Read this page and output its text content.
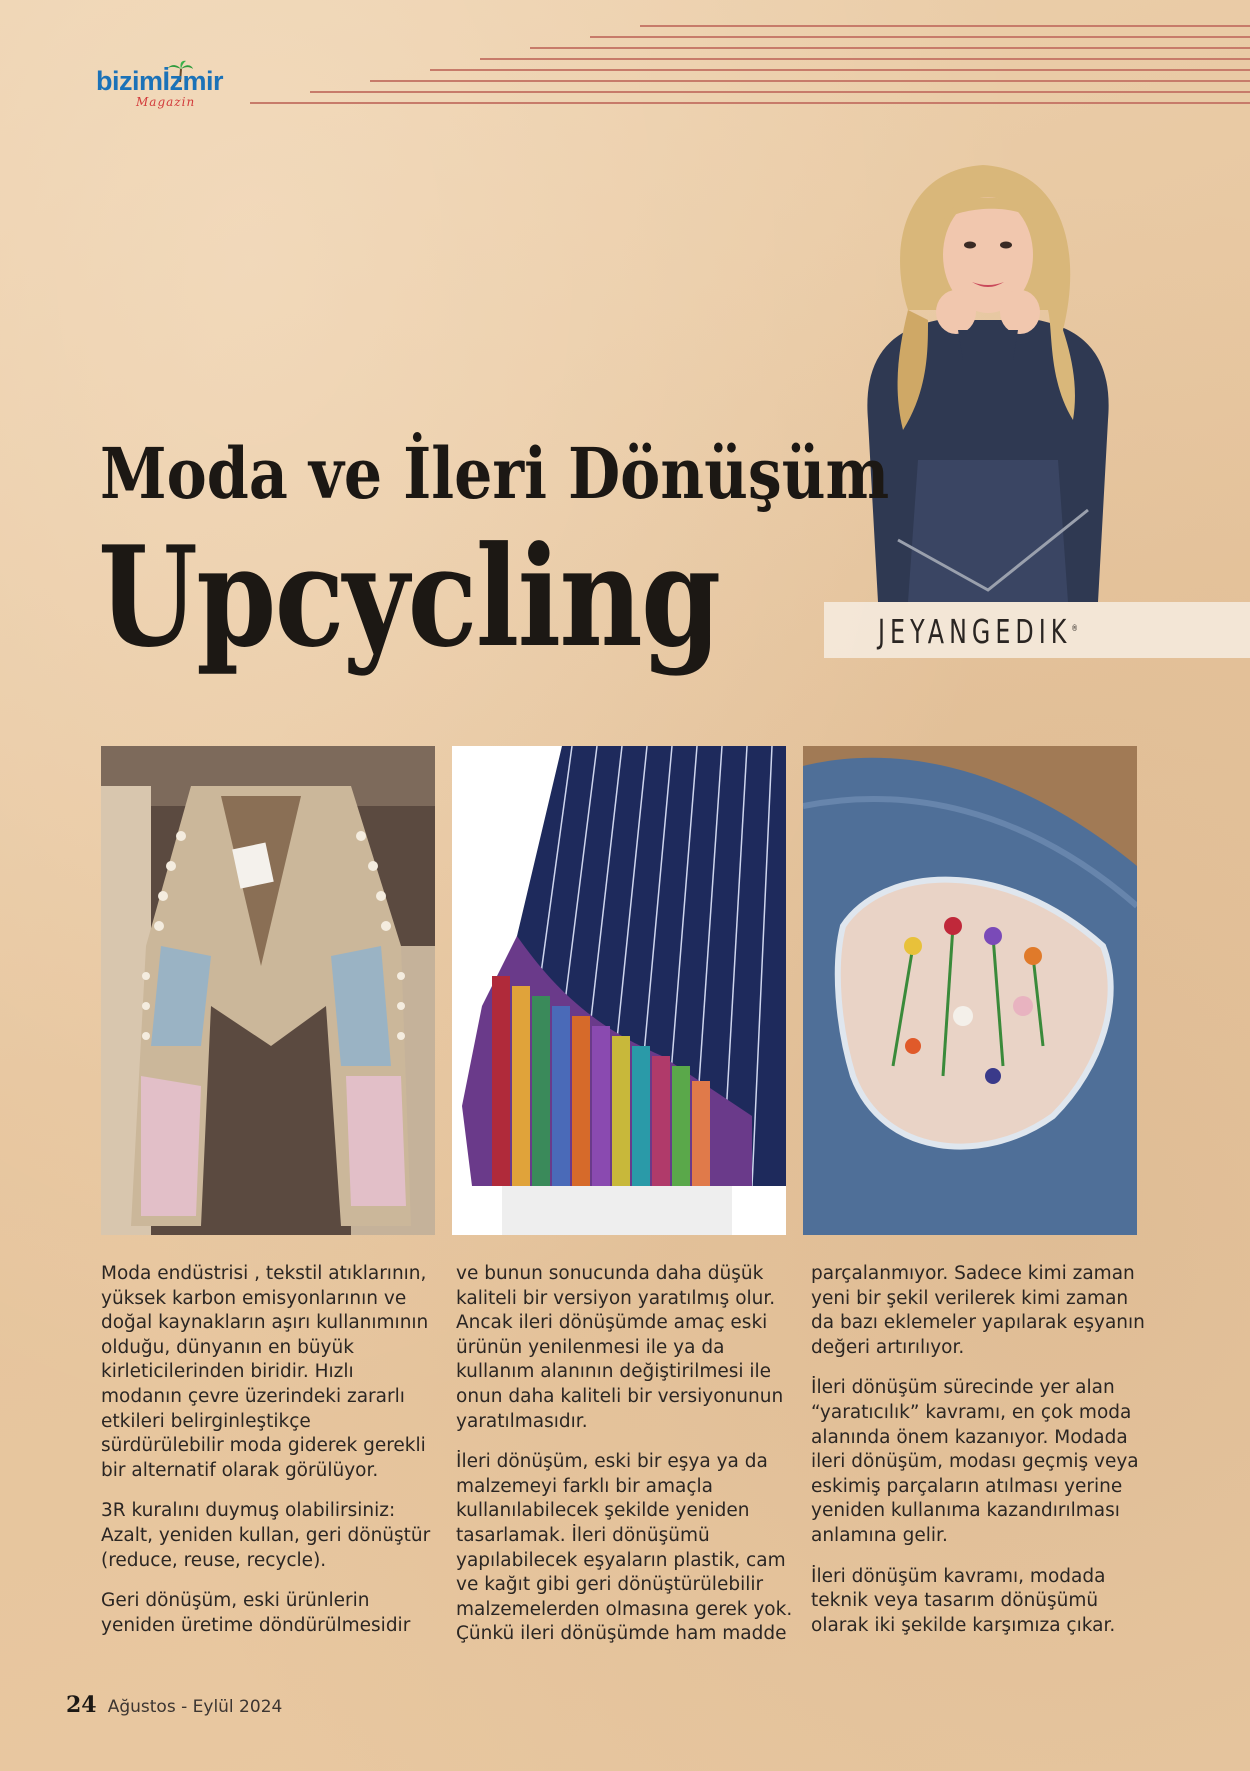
bizimİzmir
Magazin
JEYANGEDIK®
Moda ve İleri Dönüşüm
Upcycling

Moda endüstrisi , tekstil atıklarının, yüksek karbon emisyonlarının ve doğal kaynakların aşırı kullanımının olduğu, dünyanın en büyük kirleticilerinden biridir. Hızlı modanın çevre üzerindeki zararlı etkileri belirginleştikçe sürdürülebilir moda giderek gerekli bir alternatif olarak görülüyor.

3R kuralını duymuş olabilirsiniz: Azalt, yeniden kullan, geri dönüştür (reduce, reuse, recycle).

Geri dönüşüm, eski ürünlerin yeniden üretime döndürülmesidir

ve bunun sonucunda daha düşük kaliteli bir versiyon yaratılmış olur. Ancak ileri dönüşümde amaç eski ürünün yenilenmesi ile ya da kullanım alanının değiştirilmesi ile onun daha kaliteli bir versiyonunun yaratılmasıdır.

İleri dönüşüm, eski bir eşya ya da malzemeyi farklı bir amaçla kullanılabilecek şekilde yeniden tasarlamak. İleri dönüşümü yapılabilecek eşyaların plastik, cam ve kağıt gibi geri dönüştürülebilir malzemelerden olmasına gerek yok. Çünkü ileri dönüşümde ham madde

parçalanmıyor. Sadece kimi zaman yeni bir şekil verilerek kimi zaman da bazı eklemeler yapılarak eşyanın değeri artırılıyor.

İleri dönüşüm sürecinde yer alan “yaratıcılık” kavramı, en çok moda alanında önem kazanıyor. Modada ileri dönüşüm, modası geçmiş veya eskimiş parçaların atılması yerine yeniden kullanıma kazandırılması anlamına gelir.

İleri dönüşüm kavramı, modada teknik veya tasarım dönüşümü olarak iki şekilde karşımıza çıkar.

24 Ağustos - Eylül 2024
